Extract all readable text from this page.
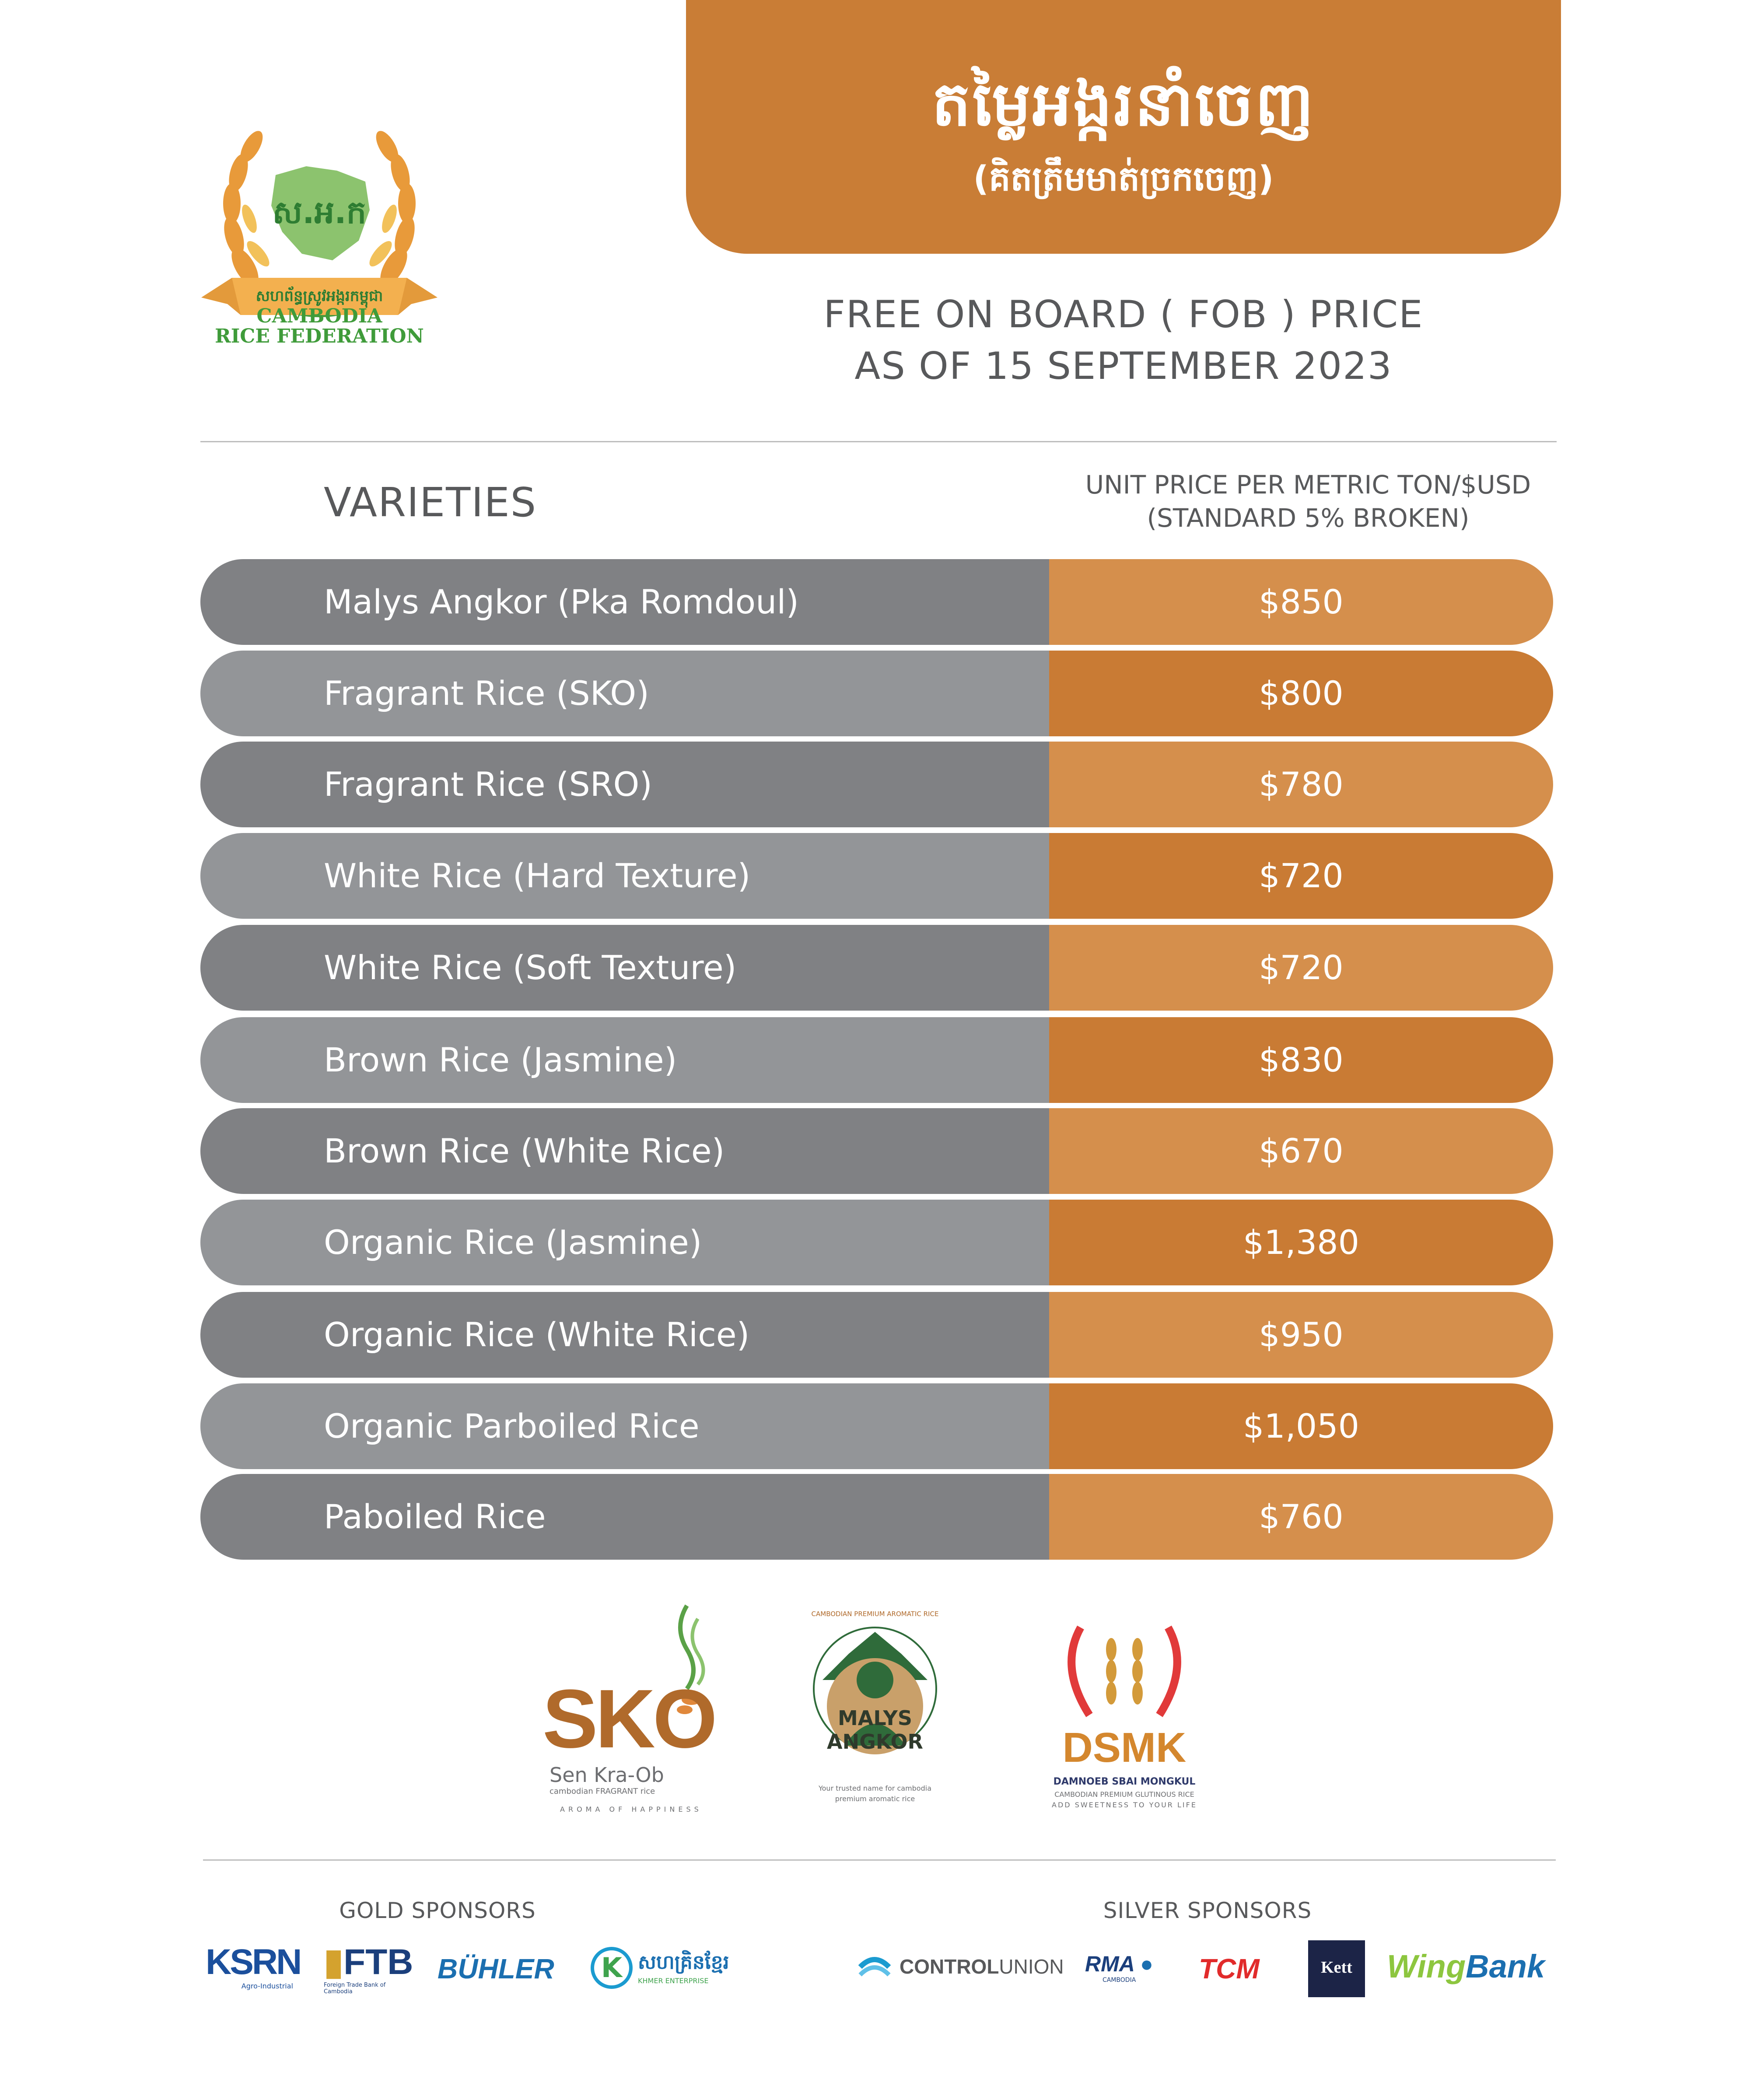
តម្លៃអង្ករនាំចេញ
(គិតត្រឹមមាត់ច្រកចេញ)
ស.អ.ក
សហព័ន្ធស្រូវអង្ករកម្ពុជា
CAMBODIA
RICE FEDERATION	FREE ON BOARD ( FOB ) PRICE
AS OF 15 SEPTEMBER 2023
VARIETIES	UNIT PRICE PER METRIC TON/$USD
(STANDARD 5% BROKEN)
Malys Angkor (Pka Romdoul)	$850
Fragrant Rice (SKO)	$800
Fragrant Rice (SRO)	$780
White Rice (Hard Texture)	$720
White Rice (Soft Texture)	$720
Brown Rice (Jasmine)	$830
Brown Rice (White Rice)	$670
Organic Rice (Jasmine)	$1,380
Organic Rice (White Rice)	$950
Organic Parboiled Rice	$1,050
Paboiled Rice	$760
SKO
Sen Kra-Ob
cambodian FRAGRANT rice
AROMA OF HAPPINESS
CAMBODIAN PREMIUM AROMATIC RICE
MALYS ANGKOR
Your trusted name for cambodia
premium aromatic rice
DSMK
DAMNOEB SBAI MONGKUL
CAMBODIAN PREMIUM GLUTINOUS RICE
ADD SWEETNESS TO YOUR LIFE
GOLD SPONSORS	SILVER SPONSORS
KSRN
Agro-Industrial
▮FTB
Foreign Trade Bank of Cambodia
BÜHLER	K សហគ្រិនខ្មែរ
KHMER ENTERPRISE
CONTROLUNION RMA ●
CAMBODIA	TCM	Kett	WingBank
